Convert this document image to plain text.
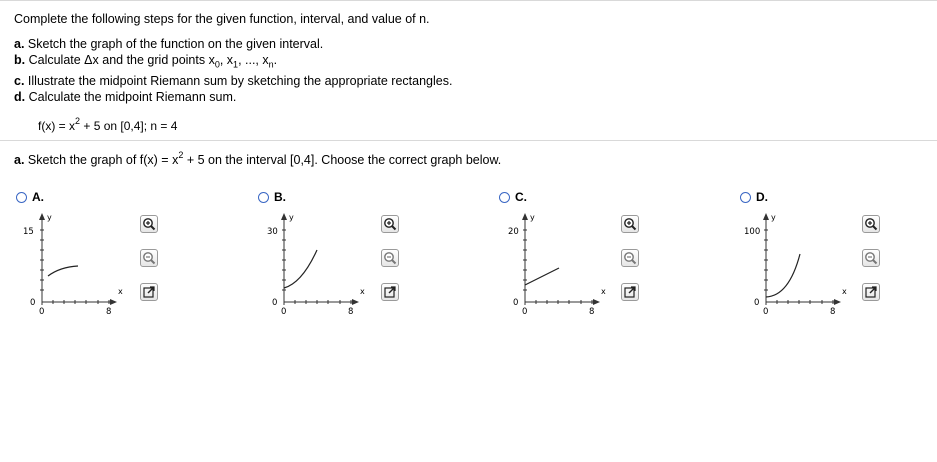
Complete the following steps for the given function, interval, and value of n.
a. Sketch the graph of the function on the given interval.
b. Calculate Δx and the grid points $x_0$, $x_1$, ..., $x_n$.
c. Illustrate the midpoint Riemann sum by sketching the appropriate rectangles.
d. Calculate the midpoint Riemann sum.
$f(x) = x^2 + 5$ on [0,4]; n = 4
a. Sketch the graph of $f(x) = x^2 + 5$ on the interval [0,4]. Choose the correct graph below.
A.
y
15
0
0	8
x
B.
y
30
0
0	8
x
C.
y
20
0
0	8
x
D.
y
100
0
0	8
x
